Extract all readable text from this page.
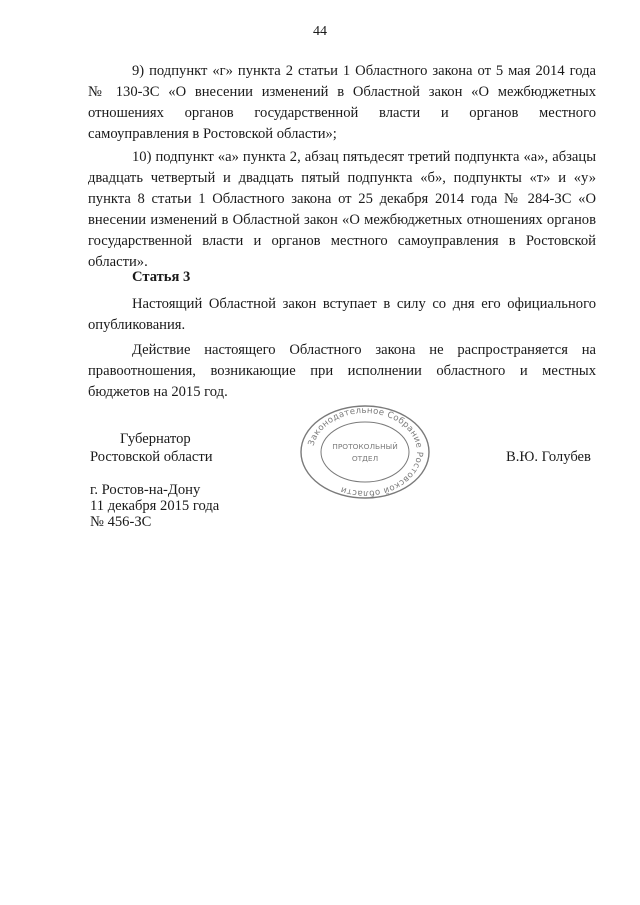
44

9) подпункт «г» пункта 2 статьи 1 Областного закона от 5 мая 2014 года № 130-ЗС «О внесении изменений в Областной закон «О межбюджетных отношениях органов государственной власти и органов местного самоуправления в Ростовской области»;

10) подпункт «а» пункта 2, абзац пятьдесят третий подпункта «а», абзацы двадцать четвертый и двадцать пятый подпункта «б», подпункты «т» и «у» пункта 8 статьи 1 Областного закона от 25 декабря 2014 года № 284-ЗС «О внесении изменений в Областной закон «О межбюджетных отношениях органов государственной власти и органов местного самоуправления в Ростовской области».

Статья 3

Настоящий Областной закон вступает в силу со дня его официального опубликования.

Действие настоящего Областного закона не распространяется на правоотношения, возникающие при исполнении областного и местных бюджетов на 2015 год.

Губернатор

Ростовской области	В.Ю. Голубев

Законодательное Собрание Ростовской области
ПРОТОКОЛЬНЫЙ
ОТДЕЛ

г. Ростов-на-Дону

11 декабря 2015 года

№ 456-ЗС
